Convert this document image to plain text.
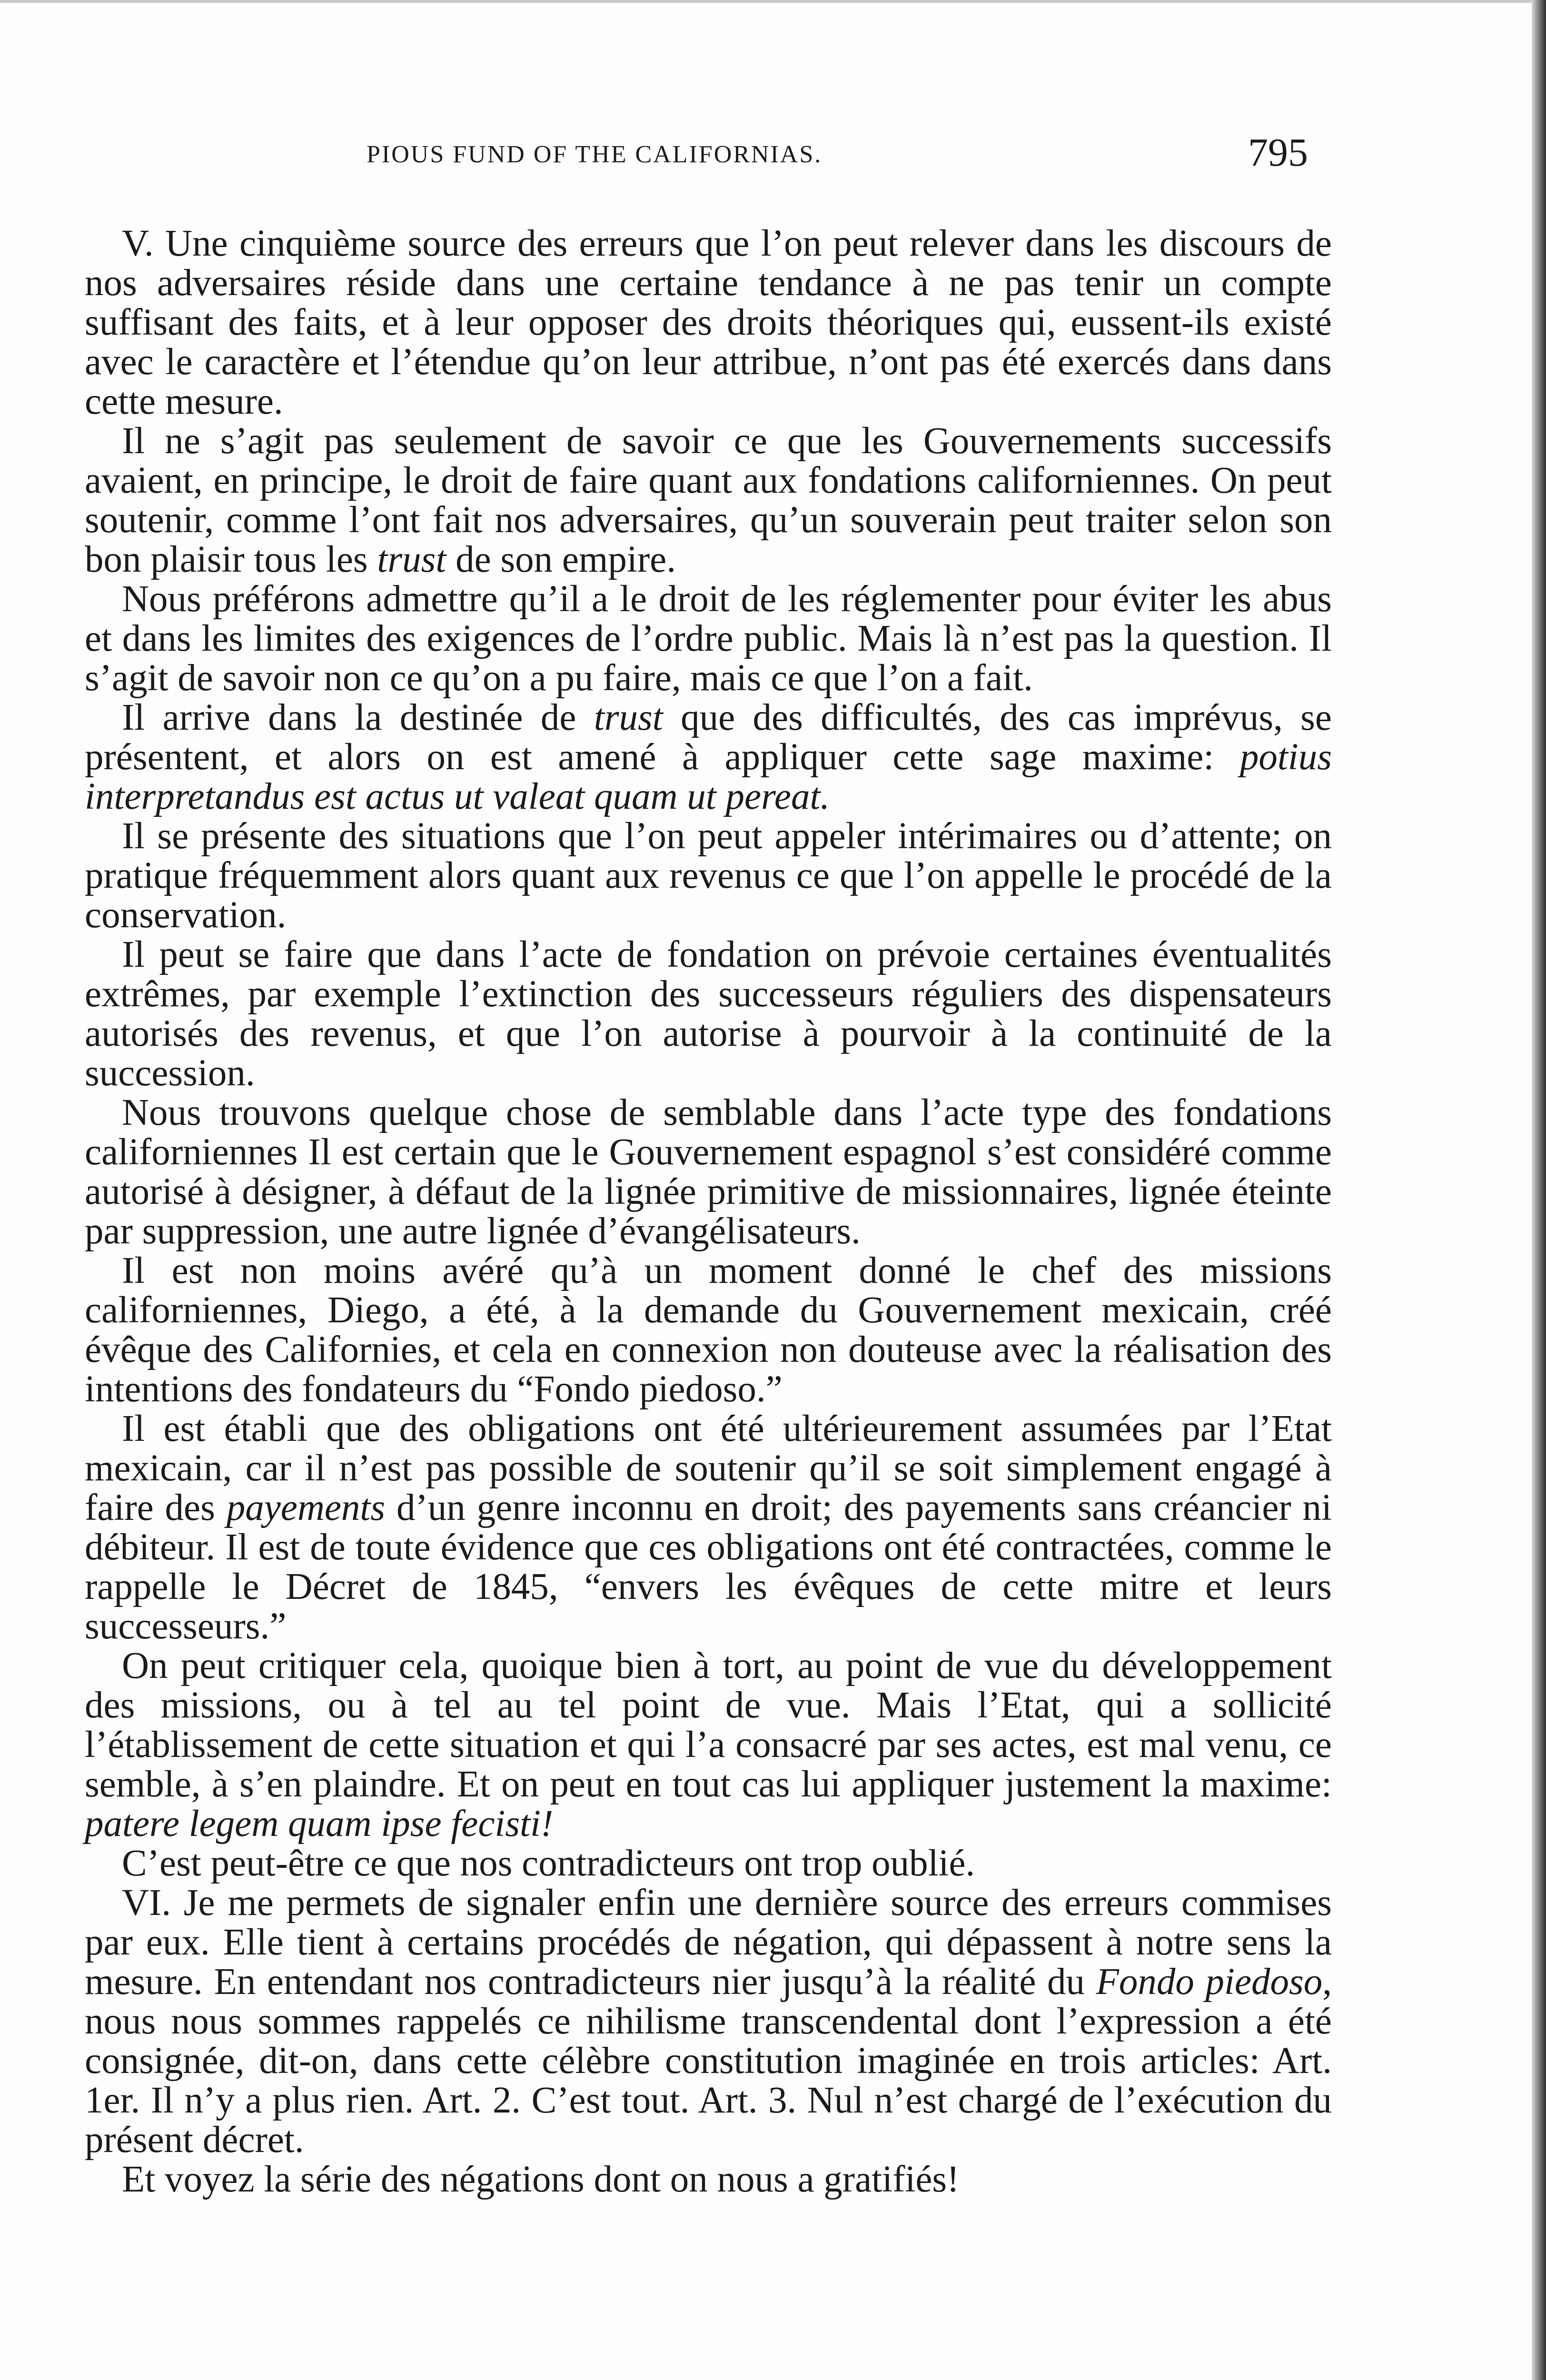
PIOUS FUND OF THE CALIFORNIAS.	795

V. Une cinquième source des erreurs que l’on peut relever dans les discours de nos adversaires réside dans une certaine tendance à ne pas tenir un compte suffisant des faits, et à leur opposer des droits théoriques qui, eussent-ils existé avec le caractère et l’étendue qu’on leur attribue, n’ont pas été exercés dans dans cette mesure.

Il ne s’agit pas seulement de savoir ce que les Gouvernements successifs avaient, en principe, le droit de faire quant aux fondations californiennes. On peut soutenir, comme l’ont fait nos adversaires, qu’un souverain peut traiter selon son bon plaisir tous les trust de son empire.

Nous préférons admettre qu’il a le droit de les réglementer pour éviter les abus et dans les limites des exigences de l’ordre public. Mais là n’est pas la question. Il s’agit de savoir non ce qu’on a pu faire, mais ce que l’on a fait.

Il arrive dans la destinée de trust que des difficultés, des cas imprévus, se présentent, et alors on est amené à appliquer cette sage maxime: potius interpretandus est actus ut valeat quam ut pereat.

Il se présente des situations que l’on peut appeler intérimaires ou d’attente; on pratique fréquemment alors quant aux revenus ce que l’on appelle le procédé de la conservation.

Il peut se faire que dans l’acte de fondation on prévoie certaines éventualités extrêmes, par exemple l’extinction des successeurs réguliers des dispensateurs autorisés des revenus, et que l’on autorise à pourvoir à la continuité de la succession.

Nous trouvons quelque chose de semblable dans l’acte type des fondations californiennes Il est certain que le Gouvernement espagnol s’est considéré comme autorisé à désigner, à défaut de la lignée primitive de missionnaires, lignée éteinte par suppression, une autre lignée d’évangélisateurs.

Il est non moins avéré qu’à un moment donné le chef des missions californiennes, Diego, a été, à la demande du Gouvernement mexicain, créé évêque des Californies, et cela en connexion non douteuse avec la réalisation des intentions des fondateurs du “Fondo piedoso.”

Il est établi que des obligations ont été ultérieurement assumées par l’Etat mexicain, car il n’est pas possible de soutenir qu’il se soit simplement engagé à faire des payements d’un genre inconnu en droit; des payements sans créancier ni débiteur. Il est de toute évidence que ces obligations ont été contractées, comme le rappelle le Décret de 1845, “envers les évêques de cette mitre et leurs successeurs.”

On peut critiquer cela, quoique bien à tort, au point de vue du développement des missions, ou à tel au tel point de vue. Mais l’Etat, qui a sollicité l’établissement de cette situation et qui l’a consacré par ses actes, est mal venu, ce semble, à s’en plaindre. Et on peut en tout cas lui appliquer justement la maxime: patere legem quam ipse fecisti!

C’est peut-être ce que nos contradicteurs ont trop oublié.

VI. Je me permets de signaler enfin une dernière source des erreurs commises par eux. Elle tient à certains procédés de négation, qui dépassent à notre sens la mesure. En entendant nos contradicteurs nier jusqu’à la réalité du Fondo piedoso, nous nous sommes rappelés ce nihilisme transcendental dont l’expression a été consignée, dit-on, dans cette célèbre constitution imaginée en trois articles: Art. 1er. Il n’y a plus rien. Art. 2. C’est tout. Art. 3. Nul n’est chargé de l’exécution du présent décret.

Et voyez la série des négations dont on nous a gratifiés!
